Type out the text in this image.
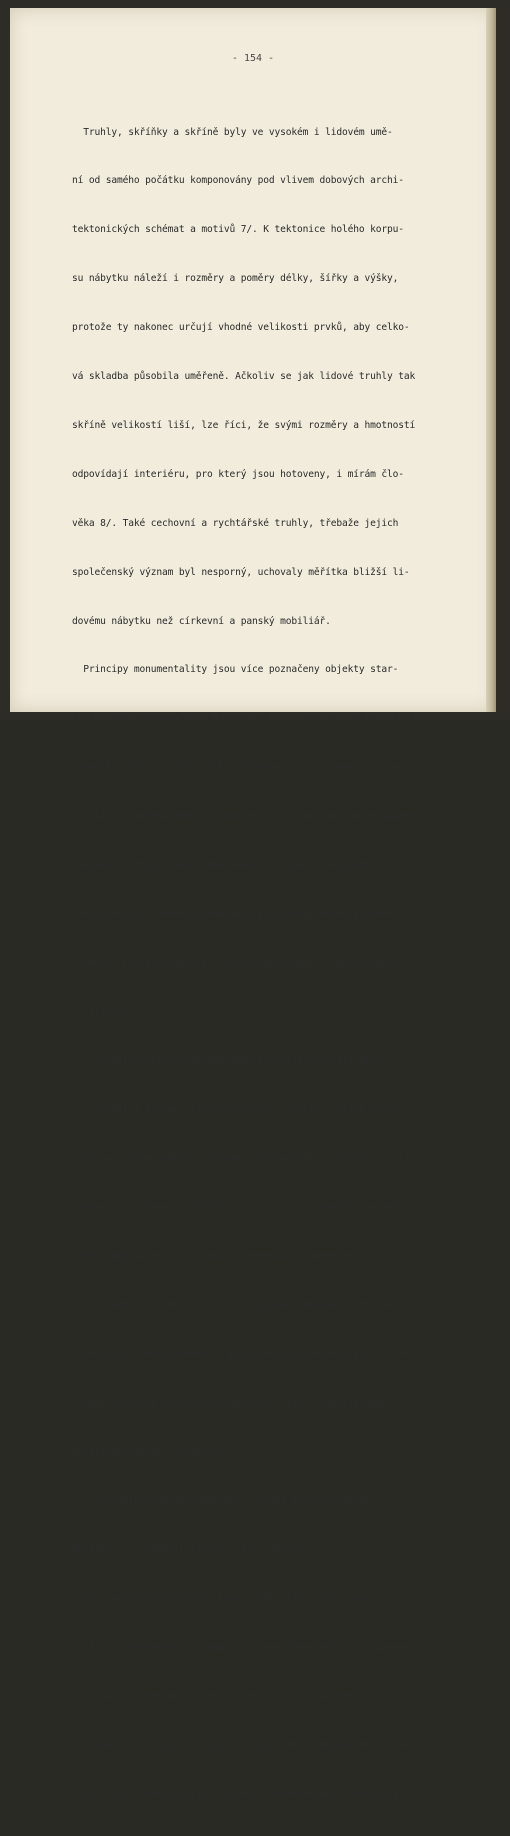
- 154 -

Truhly, skříňky a skříně byly ve vysokém i lidovém umě-

ní od samého počátku komponovány pod vlivem dobových archi-

tektonických schémat a motivů 7/. K tektonice holého korpu-

su nábytku náleží i rozměry a poměry délky, šířky a výšky,

protože ty nakonec určují vhodné velikosti prvků, aby celko-

vá skladba působila uměřeně. Ačkoliv se jak lidové truhly tak

skříně velikostí liší, lze říci, že svými rozměry a hmotností

odpovídají interiéru, pro který jsou hotoveny, i mírám člo-

věka 8/. Také cechovní a rychtářské truhly, třebaže jejich

společenský význam byl nesporný, uchovaly měřítka bližší li-

dovému nábytku než církevní a panský mobiliář.

Principy monumentality jsou více poznačeny objekty star-

ší s prvky renesančními a barokními, zatímco na řadě mladších

exemplářů překrývá tektoniku původního korpusu dekor. Sloho-

vé vlivy vysokého umění se koncentrovaly na lidovém malovaném

nábytku do časově nevelkého úseku. V rozmezí necelého století

nacházíme na lidovém českém nábytku všechny možné slohové

proměny, které se odehrály ve vysokém umění v období několi-

ka století.

V architektonice lidového nábytku nelze potvrdit něja-

kou zvláštní invenci lidových tvůrců, protože stejné prvky

byly na tvrdém nábytku panském a měšťanském. V interzii byly

dokonce i u lidových truhel výrobky velmi dokonalé. Od sel-

ského nábytku se lišil panský především v materiálu; užíval

totiž tvrdé ušlechtilé dřevo. V lidovém nábytku nacházíme

tvrdé dřevo jen výjimečně - převážná většina nábytku je zpra-

cována ze dřeva smrkového a borového, jehož kvalita nepři-

pouští náročnější zpracování.

Co chybělo lidovému nábytku v úrovni architektonické

skladby, to vyvážili lidoví tvůrci dekorem.

Ve starším období býval lidový mobiliář režný, nebo se

natíral jednobarevně; v námi sledované době byla tato úprava

typická pro všechny součásti interiérového zařízení u sociál-

ně slabších vrstev, u bohatších byly takové hlavně stoly, la-

vice, židle, někdy spížní skříňky a eventuálně i truhly na
